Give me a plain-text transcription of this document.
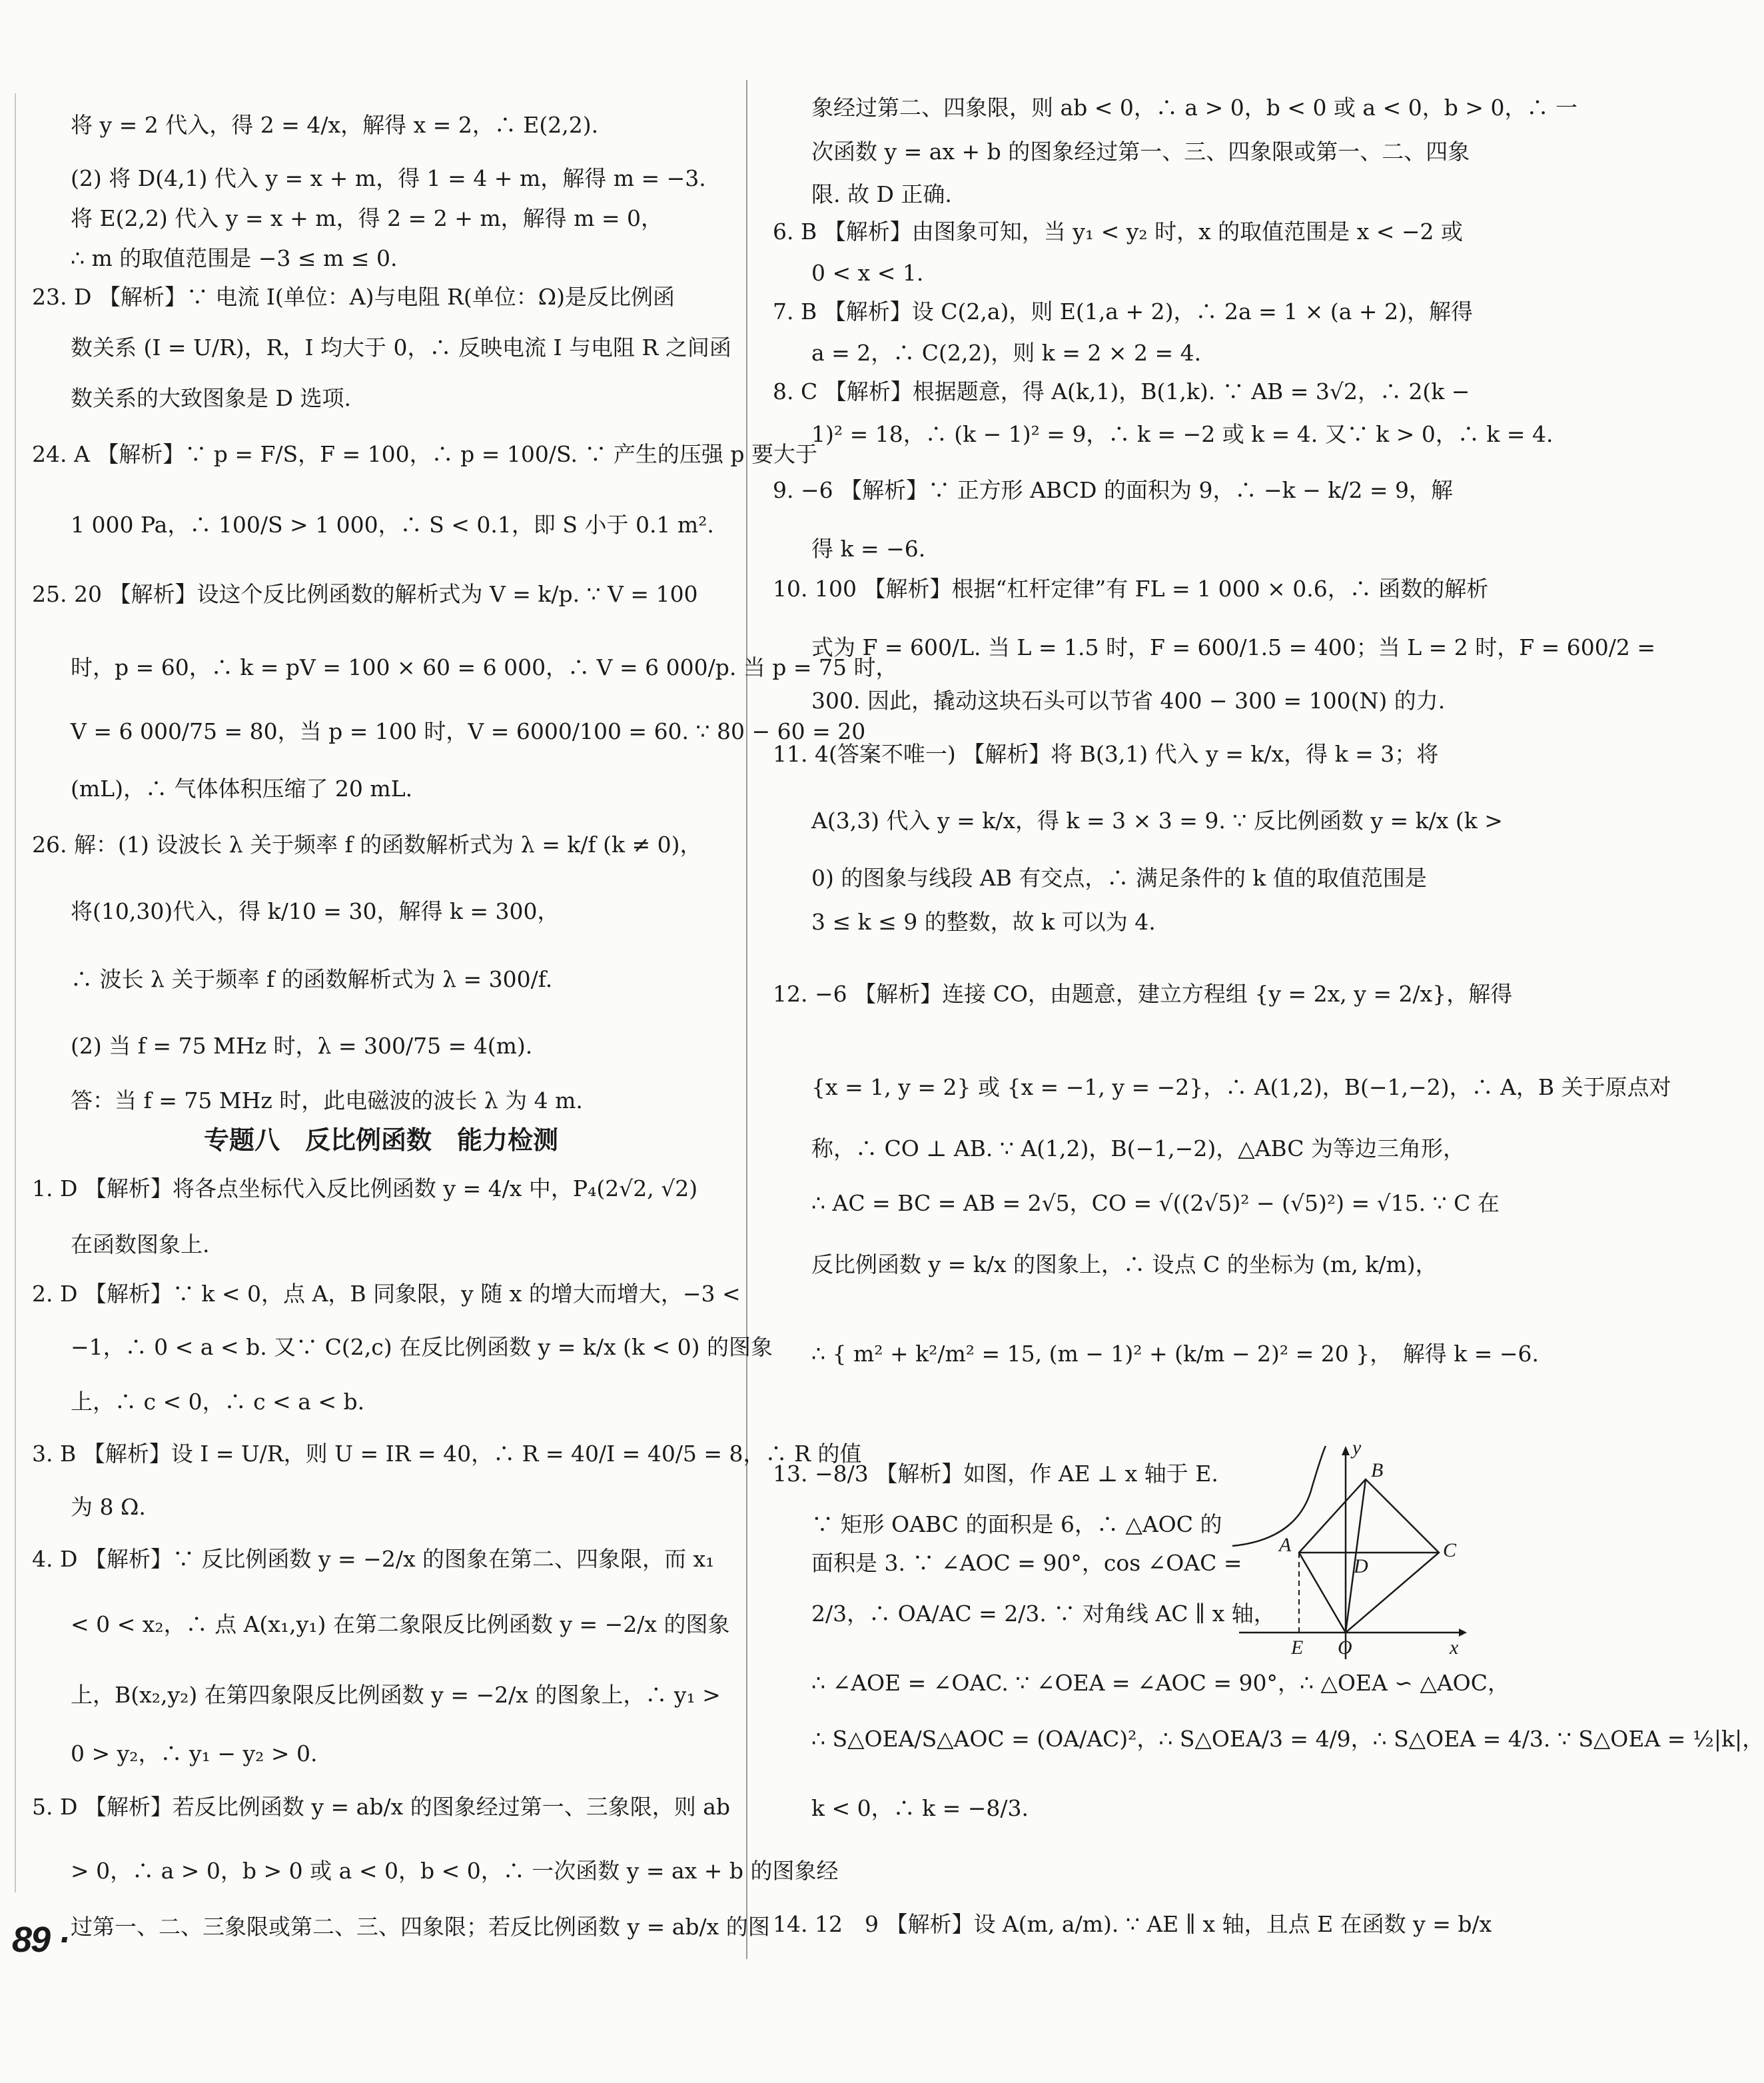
将 y = 2 代入，得 2 = 4/x，解得 x = 2，∴ E(2,2).
(2) 将 D(4,1) 代入 y = x + m，得 1 = 4 + m，解得 m = −3.
将 E(2,2) 代入 y = x + m，得 2 = 2 + m，解得 m = 0，
∴ m 的取值范围是 −3 ≤ m ≤ 0.
23. D 【解析】∵ 电流 I(单位：A)与电阻 R(单位：Ω)是反比例函
数关系 (I = U/R)，R，I 均大于 0，∴ 反映电流 I 与电阻 R 之间函
数关系的大致图象是 D 选项.
24. A 【解析】∵ p = F/S，F = 100，∴ p = 100/S. ∵ 产生的压强 p 要大于
1 000 Pa，∴ 100/S > 1 000，∴ S < 0.1，即 S 小于 0.1 m².
25. 20 【解析】设这个反比例函数的解析式为 V = k/p. ∵ V = 100
时，p = 60，∴ k = pV = 100 × 60 = 6 000，∴ V = 6 000/p. 当 p = 75 时，
V = 6 000/75 = 80，当 p = 100 时，V = 6000/100 = 60. ∵ 80 − 60 = 20
(mL)，∴ 气体体积压缩了 20 mL.
26. 解：(1) 设波长 λ 关于频率 f 的函数解析式为 λ = k/f (k ≠ 0)，
将(10,30)代入，得 k/10 = 30，解得 k = 300，
∴ 波长 λ 关于频率 f 的函数解析式为 λ = 300/f.
(2) 当 f = 75 MHz 时，λ = 300/75 = 4(m).
答：当 f = 75 MHz 时，此电磁波的波长 λ 为 4 m.
专题八　反比例函数　能力检测
1. D 【解析】将各点坐标代入反比例函数 y = 4/x 中，P₄(2√2, √2)
在函数图象上.
2. D 【解析】∵ k < 0，点 A，B 同象限，y 随 x 的增大而增大，−3 <
−1，∴ 0 < a < b. 又∵ C(2,c) 在反比例函数 y = k/x (k < 0) 的图象
上，∴ c < 0，∴ c < a < b.
3. B 【解析】设 I = U/R，则 U = IR = 40，∴ R = 40/I = 40/5 = 8，∴ R 的值
为 8 Ω.
4. D 【解析】∵ 反比例函数 y = −2/x 的图象在第二、四象限，而 x₁
< 0 < x₂，∴ 点 A(x₁,y₁) 在第二象限反比例函数 y = −2/x 的图象
上，B(x₂,y₂) 在第四象限反比例函数 y = −2/x 的图象上，∴ y₁ >
0 > y₂，∴ y₁ − y₂ > 0.
5. D 【解析】若反比例函数 y = ab/x 的图象经过第一、三象限，则 ab
> 0，∴ a > 0，b > 0 或 a < 0，b < 0，∴ 一次函数 y = ax + b 的图象经
过第一、二、三象限或第二、三、四象限；若反比例函数 y = ab/x 的图
象经过第二、四象限，则 ab < 0，∴ a > 0，b < 0 或 a < 0，b > 0，∴ 一
次函数 y = ax + b 的图象经过第一、三、四象限或第一、二、四象
限. 故 D 正确.
6. B 【解析】由图象可知，当 y₁ < y₂ 时，x 的取值范围是 x < −2 或
0 < x < 1.
7. B 【解析】设 C(2,a)，则 E(1,a + 2)，∴ 2a = 1 × (a + 2)，解得
a = 2，∴ C(2,2)，则 k = 2 × 2 = 4.
8. C 【解析】根据题意，得 A(k,1)，B(1,k). ∵ AB = 3√2，∴ 2(k −
1)² = 18，∴ (k − 1)² = 9，∴ k = −2 或 k = 4. 又∵ k > 0，∴ k = 4.
9. −6 【解析】∵ 正方形 ABCD 的面积为 9，∴ −k − k/2 = 9，解
得 k = −6.
10. 100 【解析】根据“杠杆定律”有 FL = 1 000 × 0.6，∴ 函数的解析
式为 F = 600/L. 当 L = 1.5 时，F = 600/1.5 = 400；当 L = 2 时，F = 600/2 =
300. 因此，撬动这块石头可以节省 400 − 300 = 100(N) 的力.
11. 4(答案不唯一) 【解析】将 B(3,1) 代入 y = k/x，得 k = 3；将
A(3,3) 代入 y = k/x，得 k = 3 × 3 = 9. ∵ 反比例函数 y = k/x (k >
0) 的图象与线段 AB 有交点，∴ 满足条件的 k 值的取值范围是
3 ≤ k ≤ 9 的整数，故 k 可以为 4.
12. −6 【解析】连接 CO，由题意，建立方程组 {y = 2x, y = 2/x}，解得
{x = 1, y = 2} 或 {x = −1, y = −2}，∴ A(1,2)，B(−1,−2)，∴ A，B 关于原点对
称，∴ CO ⊥ AB. ∵ A(1,2)，B(−1,−2)，△ABC 为等边三角形，
∴ AC = BC = AB = 2√5，CO = √((2√5)² − (√5)²) = √15. ∵ C 在
反比例函数 y = k/x 的图象上，∴ 设点 C 的坐标为 (m, k/m)，
∴ { m² + k²/m² = 15, (m − 1)² + (k/m − 2)² = 20 }，　解得 k = −6.
13. −8/3 【解析】如图，作 AE ⊥ x 轴于 E.
∵ 矩形 OABC 的面积是 6，∴ △AOC 的
面积是 3. ∵ ∠AOC = 90°，cos ∠OAC =
2/3，∴ OA/AC = 2/3. ∵ 对角线 AC ∥ x 轴，
∴ ∠AOE = ∠OAC. ∵ ∠OEA = ∠AOC = 90°，∴ △OEA ∽ △AOC，
∴ S△OEA/S△AOC = (OA/AC)²，∴ S△OEA/3 = 4/9，∴ S△OEA = 4/3. ∵ S△OEA = ½|k|，
k < 0，∴ k = −8/3.
14. 12　9 【解析】设 A(m, a/m). ∵ AE ∥ x 轴，且点 E 在函数 y = b/x
y
B
A	C
D
E O	x
89 ·
